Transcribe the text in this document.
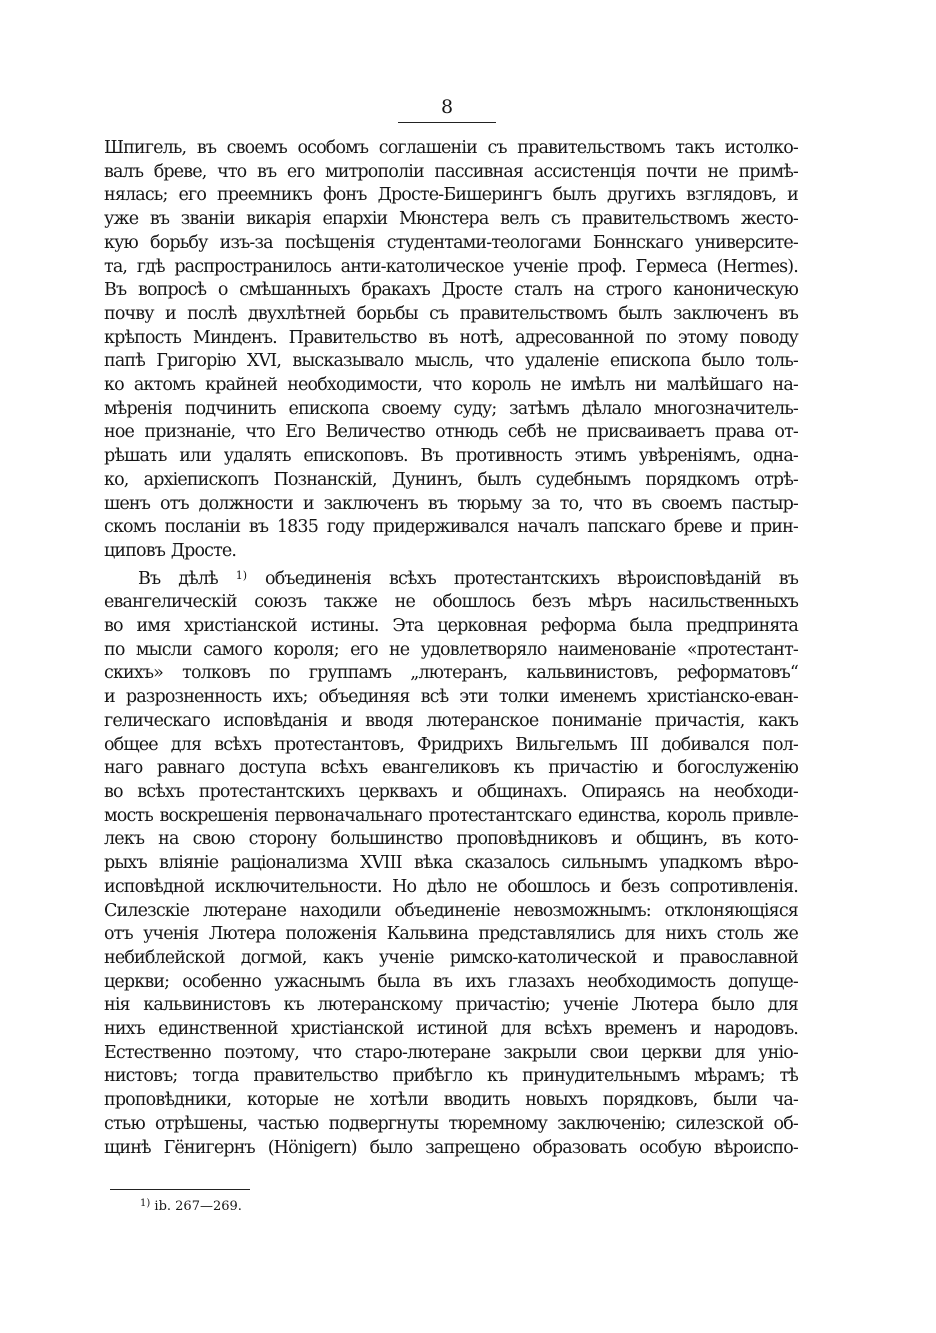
8
Шпигель, въ своемъ особомъ соглашеніи съ правительствомъ такъ истолко-
валъ бреве, что въ его митрополіи пассивная ассистенція почти не примѣ-
нялась; его преемникъ фонъ Дросте-Бишерингъ былъ другихъ взглядовъ, и
уже въ званіи викарія епархіи Мюнстера велъ съ правительствомъ жесто-
кую борьбу изъ-за посѣщенія студентами-теологами Боннскаго университе-
та, гдѣ распространилось анти-католическое ученіе проф. Гермеса (Hermes).
Въ вопросѣ о смѣшанныхъ бракахъ Дросте сталъ на строго каноническую
почву и послѣ двухлѣтней борьбы съ правительствомъ былъ заключенъ въ
крѣпость Минденъ. Правительство въ нотѣ, адресованной по этому поводу
папѣ Григорію XVI, высказывало мысль, что удаленіе епископа было толь-
ко актомъ крайней необходимости, что король не имѣлъ ни малѣйшаго на-
мѣренія подчинить епископа своему суду; затѣмъ дѣлало многозначитель-
ное признаніе, что Его Величество отнюдь себѣ не присваиваетъ права от-
рѣшать или удалять епископовъ. Въ противность этимъ увѣреніямъ, одна-
ко, архіепископъ Познанскій, Дунинъ, былъ судебнымъ порядкомъ отрѣ-
шенъ отъ должности и заключенъ въ тюрьму за то, что въ своемъ пастыр-
скомъ посланіи въ 1835 году придерживался началъ папскаго бреве и прин-
циповъ Дросте.
Въ дѣлѣ $^{1)}$ объединенія всѣхъ протестантскихъ вѣроисповѣданій въ
евангелическій союзъ также не обошлось безъ мѣръ насильственныхъ
во имя христіанской истины. Эта церковная реформа была предпринята
по мысли самого короля; его не удовлетворяло наименованіе «протестант-
скихъ» толковъ по группамъ „лютеранъ, кальвинистовъ, реформатовъ“
и разрозненность ихъ; объединяя всѣ эти толки именемъ христіанско-еван-
гелическаго исповѣданія и вводя лютеранское пониманіе причастія, какъ
общее для всѣхъ протестантовъ, Фридрихъ Вильгельмъ III добивался пол-
наго равнаго доступа всѣхъ евангеликовъ къ причастію и богослуженію
во всѣхъ протестантскихъ церквахъ и общинахъ. Опираясь на необходи-
мость воскрешенія первоначальнаго протестантскаго единства, король привле-
лекъ на свою сторону большинство проповѣдниковъ и общинъ, въ кото-
рыхъ вліяніе раціонализма XVIII вѣка сказалось сильнымъ упадкомъ вѣро-
исповѣдной исключительности. Но дѣло не обошлось и безъ сопротивленія.
Силезскіе лютеране находили объединеніе невозможнымъ: отклоняющіяся
отъ ученія Лютера положенія Кальвина представлялись для нихъ столь же
небиблейской догмой, какъ ученіе римско-католической и православной
церкви; особенно ужаснымъ была въ ихъ глазахъ необходимость допуще-
нія кальвинистовъ къ лютеранскому причастію; ученіе Лютера было для
нихъ единственной христіанской истиной для всѣхъ временъ и народовъ.
Естественно поэтому, что старо-лютеране закрыли свои церкви для уніо-
нистовъ; тогда правительство прибѣгло къ принудительнымъ мѣрамъ; тѣ
проповѣдники, которые не хотѣли вводить новыхъ порядковъ, были ча-
стью отрѣшены, частью подвергнуты тюремному заключенію; силезской об-
щинѣ Гёнигернъ (Hönigern) было запрещено образовать особую вѣроиспо-
$^{1)}$ ib. 267—269.
